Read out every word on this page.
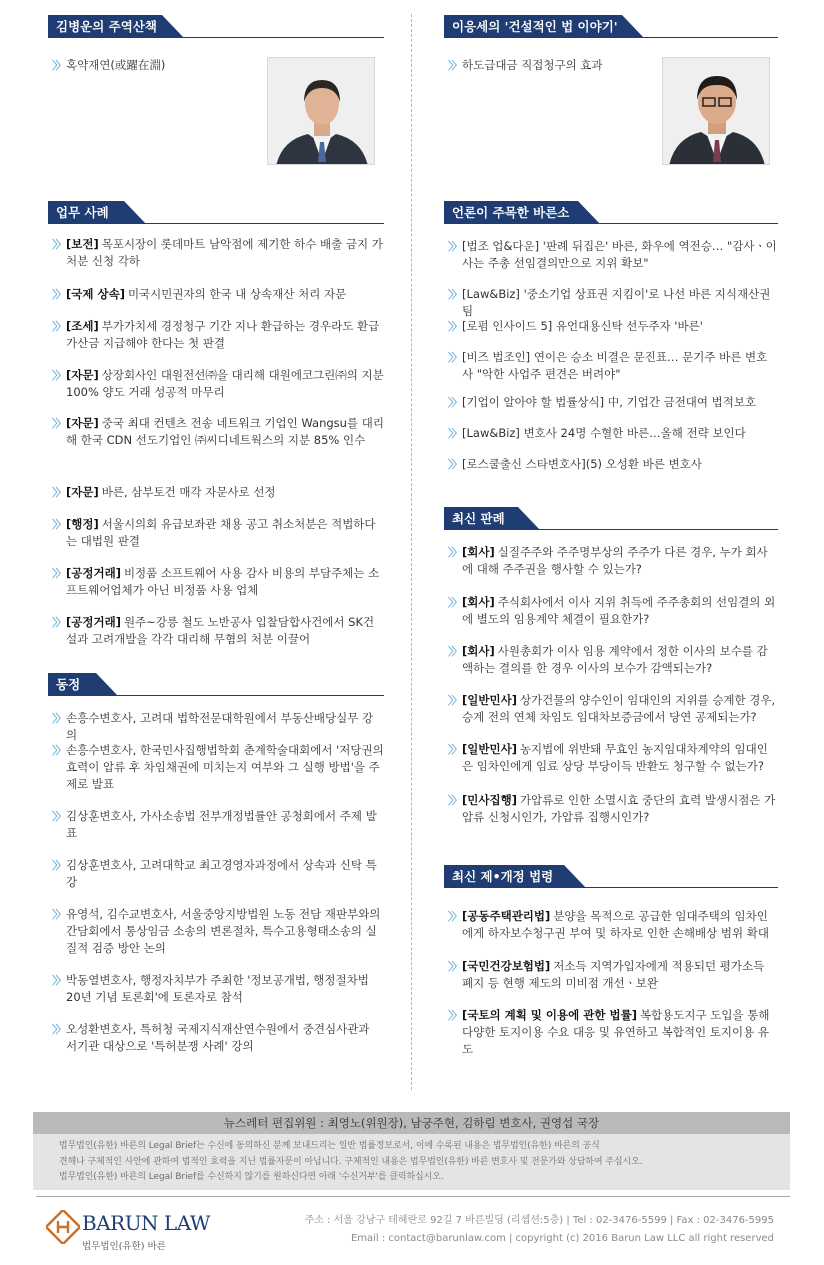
김병운의 주역산책
〉〉 혹약재연(或躍在淵)
업무 사례
〉〉 [보전] 목포시장이 롯데마트 남악점에 제기한 하수 배출 금지 가처분 신청 각하
〉〉 [국제 상속] 미국시민권자의 한국 내 상속재산 처리 자문
〉〉 [조세] 부가가치세 경정청구 기간 지나 환급하는 경우라도 환급가산금 지급해야 한다는 첫 판결
〉〉 [자문] 상장회사인 대원전선㈜을 대리해 대원에코그린㈜의 지분 100% 양도 거래 성공적 마무리
〉〉 [자문] 중국 최대 컨텐츠 전송 네트워크 기업인 Wangsu를 대리해 한국 CDN 선도기업인 ㈜씨디네트웍스의 지분 85% 인수
〉〉 [자문] 바른, 삼부토건 매각 자문사로 선정
〉〉 [행정] 서울시의회 유급보좌관 채용 공고 취소처분은 적법하다는 대법원 판결
〉〉 [공정거래] 비정품 소프트웨어 사용 감사 비용의 부담주체는 소프트웨어업체가 아닌 비정품 사용 업체
〉〉 [공정거래] 원주~강릉 철도 노반공사 입찰담합사건에서 SK건설과 고려개발을 각각 대리해 무혐의 처분 이끌어
동정
〉〉 손흥수변호사, 고려대 법학전문대학원에서 부동산배당실무 강의
〉〉 손흥수변호사, 한국민사집행법학회 춘계학술대회에서 '저당권의 효력이 압류 후 차임채권에 미치는지 여부와 그 실행 방법'을 주제로 발표
〉〉 김상훈변호사, 가사소송법 전부개정법률안 공청회에서 주제 발표
〉〉 김상훈변호사, 고려대학교 최고경영자과정에서 상속과 신탁 특강
〉〉 유영석, 김수교변호사, 서울중앙지방법원 노동 전담 재판부와의 간담회에서 통상임금 소송의 변론절차, 특수고용형태소송의 실질적 검증 방안 논의
〉〉 박동열변호사, 행정자치부가 주최한 '정보공개법, 행정절차법 20년 기념 토론회'에 토론자로 참석
〉〉 오성환변호사, 특허청 국제지식재산연수원에서 중견심사관과 서기관 대상으로 '특허분쟁 사례' 강의
이응세의 '건설적인 법 이야기'
〉〉 하도급대금 직접청구의 효과
언론이 주목한 바른소식
〉〉 [법조 업&다운] '판례 뒤집은' 바른, 화우에 역전승… "감사ㆍ이사는 주총 선임결의만으로 지위 확보"
〉〉 [Law&Biz] '중소기업 상표권 지킴이'로 나선 바른 지식재산권팀
〉〉 [로펌 인사이드 5] 유언대용신탁 선두주자 '바른'
〉〉 [비즈 법조인] 연이은 승소 비결은 문진표… 문기주 바른 변호사 "악한 사업주 편견은 버려야"
〉〉 [기업이 알아야 할 법률상식] 中, 기업간 금전대여 법적보호
〉〉 [Law&Biz] 변호사 24명 수혈한 바른…올해 전략 보인다
〉〉 [로스쿨출신 스타변호사](5) 오성환 바른 변호사
최신 판례
〉〉 [회사] 실질주주와 주주명부상의 주주가 다른 경우, 누가 회사에 대해 주주권을 행사할 수 있는가?
〉〉 [회사] 주식회사에서 이사 지위 취득에 주주총회의 선임결의 외에 별도의 임용계약 체결이 필요한가?
〉〉 [회사] 사원총회가 이사 임용 계약에서 정한 이사의 보수를 감액하는 결의를 한 경우 이사의 보수가 감액되는가?
〉〉 [일반민사] 상가건물의 양수인이 임대인의 지위를 승계한 경우, 승계 전의 연체 차임도 임대차보증금에서 당연 공제되는가?
〉〉 [일반민사] 농지법에 위반돼 무효인 농지임대차계약의 임대인은 임차인에게 임료 상당 부당이득 반환도 청구할 수 없는가?
〉〉 [민사집행] 가압류로 인한 소멸시효 중단의 효력 발생시점은 가압류 신청시인가, 가압류 집행시인가?
최신 제•개정 법령
〉〉 [공동주택관리법] 분양을 목적으로 공급한 임대주택의 임차인에게 하자보수청구권 부여 및 하자로 인한 손해배상 범위 확대
〉〉 [국민건강보험법] 저소득 지역가입자에게 적용되던 평가소득 폐지 등 현행 제도의 미비점 개선ㆍ보완
〉〉 [국토의 계획 및 이용에 관한 법률] 복합용도지구 도입을 통해 다양한 토지이용 수요 대응 및 유연하고 복합적인 토지이용 유도
뉴스레터 편집위원 : 최영노(위원장), 남궁주현, 김하림 변호사, 권영섭 국장
법무법인(유한) 바른의 Legal Brief는 수신에 동의하신 분께 보내드리는 일반 법률정보로서, 이에 수록된 내용은 법무법인(유한) 바른의 공식
견해나 구체적인 사안에 관하여 법적인 효력을 지닌 법률자문이 아닙니다. 구체적인 내용은 법무법인(유한) 바른 변호사 및 전문가와 상담하여 주십시오.
법무법인(유한) 바른의 Legal Brief를 수신하지 않기를 원하신다면 아래 '수신거부'를 클릭하십시오.
BARUN LAW
법무법인(유한) 바른
주소 : 서울 강남구 테헤란로 92길 7 바른빌딩 (리셉션:5층) | Tel : 02-3476-5599 | Fax : 02-3476-5995
Email : contact@barunlaw.com | copyright (c) 2016 Barun Law LLC all right reserved
